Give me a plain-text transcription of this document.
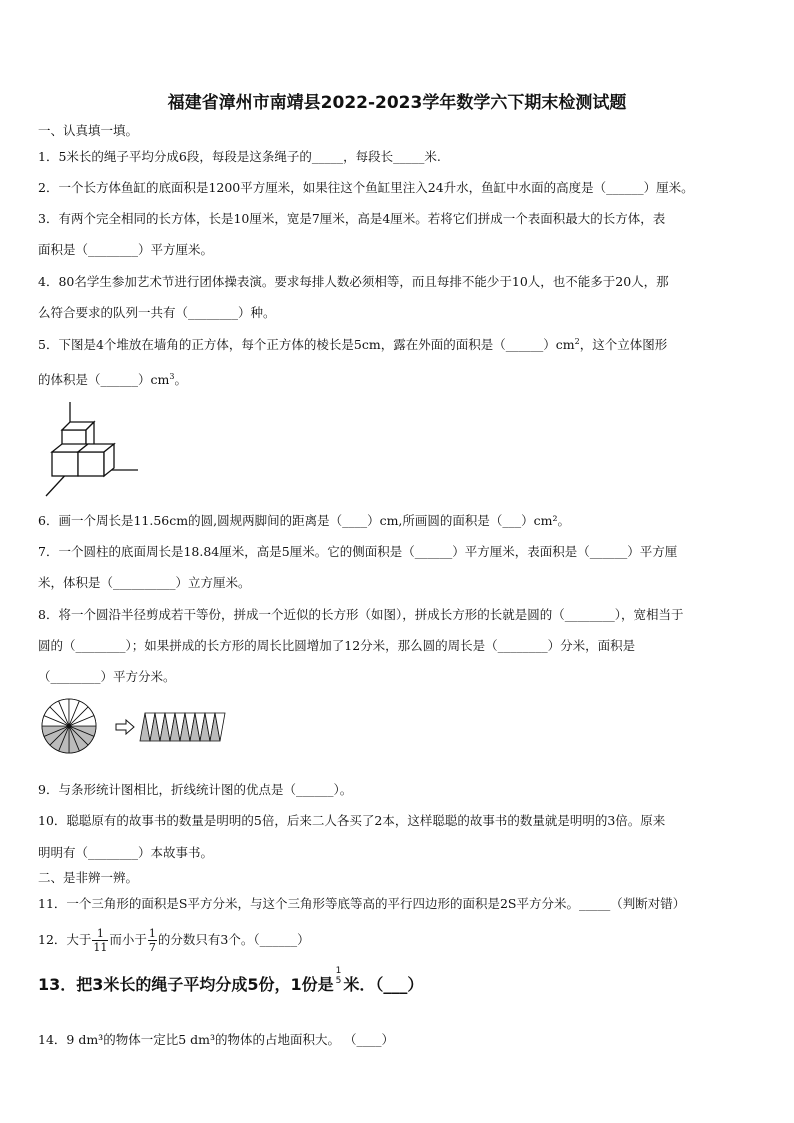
福建省漳州市南靖县2022-2023学年数学六下期末检测试题
一、认真填一填。
1．5米长的绳子平均分成6段，每段是这条绳子的_____，每段长_____米.
2．一个长方体鱼缸的底面积是1200平方厘米，如果往这个鱼缸里注入24升水，鱼缸中水面的高度是（______）厘米。
3．有两个完全相同的长方体，长是10厘米，宽是7厘米，高是4厘米。若将它们拼成一个表面积最大的长方体，表
面积是（________）平方厘米。
4．80名学生参加艺术节进行团体操表演。要求每排人数必须相等，而且每排不能少于10人，也不能多于20人，那
么符合要求的队列一共有（________）种。
5．下图是4个堆放在墙角的正方体，每个正方体的棱长是5cm，露在外面的面积是$(\_\_\_\_\_\_)cm^2$，这个立体图形
的体积是$(\_\_\_\_\_\_)cm^3$。
6．画一个周长是11.56cm的圆,圆规两脚间的距离是（____）cm,所画圆的面积是（___）cm²。
7．一个圆柱的底面周长是18.84厘米，高是5厘米。它的侧面积是（______）平方厘米，表面积是（______）平方厘
米，体积是（__________）立方厘米。
8．将一个圆沿半径剪成若干等份，拼成一个近似的长方形（如图），拼成长方形的长就是圆的（________），宽相当于
圆的（________）；如果拼成的长方形的周长比圆增加了12分米，那么圆的周长是（________）分米，面积是
（________）平方分米。
9．与条形统计图相比，折线统计图的优点是（______）。
10．聪聪原有的故事书的数量是明明的5倍，后来二人各买了2本，这样聪聪的故事书的数量就是明明的3倍。原来
明明有（________）本故事书。
二、是非辨一辨。
11．一个三角形的面积是S平方分米，与这个三角形等底等高的平行四边形的面积是2S平方分米。_____（判断对错）
12．大于 $\frac{1}{11}$ 而小于 $\frac{1}{7}$ 的分数只有3个。（______）
13．把3米长的绳子平均分成5份，1份是
1
5 米．（___）
14．9 dm³的物体一定比5 dm³的物体的占地面积大。 （____）
